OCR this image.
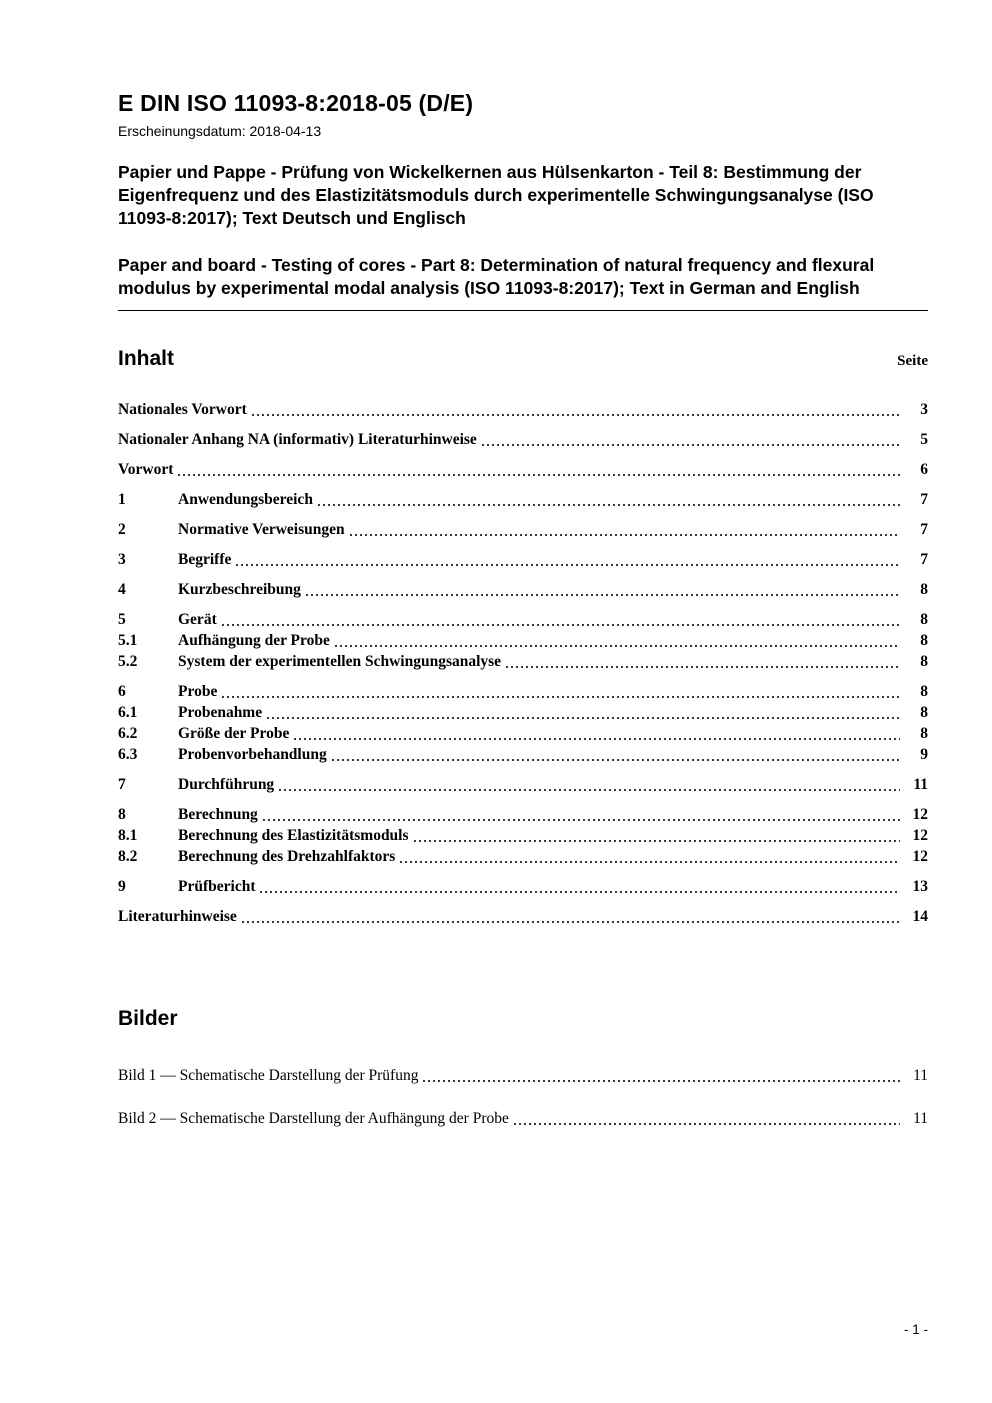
E DIN ISO 11093-8:2018-05 (D/E)
Erscheinungsdatum: 2018-04-13

Papier und Pappe - Prüfung von Wickelkernen aus Hülsenkarton - Teil 8: Bestimmung der Eigenfrequenz und des Elastizitätsmoduls durch experimentelle Schwingungsanalyse (ISO 11093-8:2017); Text Deutsch und Englisch

Paper and board - Testing of cores - Part 8: Determination of natural frequency and flexural modulus by experimental modal analysis (ISO 11093-8:2017); Text in German and English

Inhalt	Seite
Nationales Vorwort	3
Nationaler Anhang NA (informativ) Literaturhinweise	5
Vorwort	6
1	Anwendungsbereich	7
2	Normative Verweisungen	7
3	Begriffe	7
4	Kurzbeschreibung	8
5	Gerät	8
5.1	Aufhängung der Probe	8
5.2	System der experimentellen Schwingungsanalyse	8
6	Probe	8
6.1	Probenahme	8
6.2	Größe der Probe	8
6.3	Probenvorbehandlung	9
7	Durchführung	11
8	Berechnung	12
8.1	Berechnung des Elastizitätsmoduls	12
8.2	Berechnung des Drehzahlfaktors	12
9	Prüfbericht	13
Literaturhinweise	14
Bilder
Bild 1 — Schematische Darstellung der Prüfung	11
Bild 2 — Schematische Darstellung der Aufhängung der Probe	11
- 1 -
